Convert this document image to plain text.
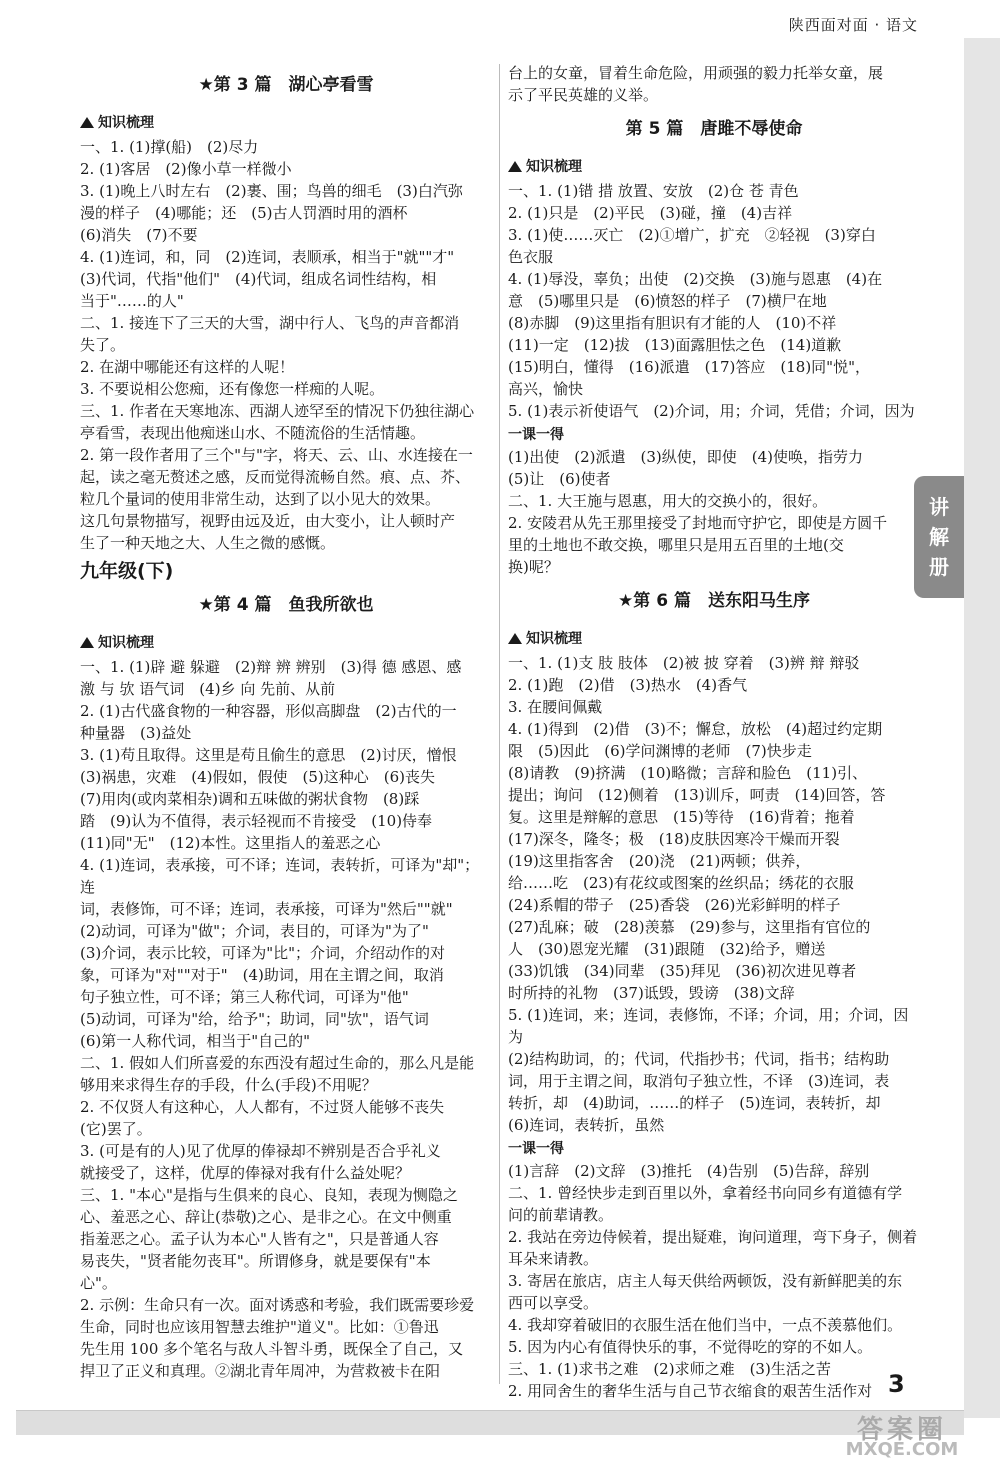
陕西面对面 · 语文
讲
解
册
★第 3 篇　湖心亭看雪
知识梳理
一、1. (1)撑(船)　(2)尽力
2. (1)客居　(2)像小草一样微小
3. (1)晚上八时左右　(2)裹、围；鸟兽的细毛　(3)白汽弥
漫的样子　(4)哪能；还　(5)古人罚酒时用的酒杯
(6)消失　(7)不要
4. (1)连词，和，同　(2)连词，表顺承，相当于"就""才"
(3)代词，代指"他们"　(4)代词，组成名词性结构，相
当于"……的人"
二、1. 接连下了三天的大雪，湖中行人、飞鸟的声音都消
失了。
2. 在湖中哪能还有这样的人呢！
3. 不要说相公您痴，还有像您一样痴的人呢。
三、1. 作者在天寒地冻、西湖人迹罕至的情况下仍独往湖心
亭看雪，表现出他痴迷山水、不随流俗的生活情趣。
2. 第一段作者用了三个"与"字，将天、云、山、水连接在一
起，读之毫无赘述之感，反而觉得流畅自然。痕、点、芥、
粒几个量词的使用非常生动，达到了以小见大的效果。
这几句景物描写，视野由远及近，由大变小，让人顿时产
生了一种天地之大、人生之微的感慨。
九年级(下)
★第 4 篇　鱼我所欲也
知识梳理
一、1. (1)辟 避 躲避　(2)辩 辨 辨别　(3)得 德 感恩、感
激 与 欤 语气词　(4)乡 向 先前、从前
2. (1)古代盛食物的一种容器，形似高脚盘　(2)古代的一
种量器　(3)益处
3. (1)苟且取得。这里是苟且偷生的意思　(2)讨厌，憎恨
(3)祸患，灾难　(4)假如，假使　(5)这种心　(6)丧失
(7)用肉(或肉菜相杂)调和五味做的粥状食物　(8)踩
踏　(9)认为不值得，表示轻视而不肯接受　(10)侍奉
(11)同"无"　(12)本性。这里指人的羞恶之心
4. (1)连词，表承接，可不译；连词，表转折，可译为"却"；连
词，表修饰，可不译；连词，表承接，可译为"然后""就"
(2)动词，可译为"做"；介词，表目的，可译为"为了"
(3)介词，表示比较，可译为"比"；介词，介绍动作的对
象，可译为"对""对于"　(4)助词，用在主谓之间，取消
句子独立性，可不译；第三人称代词，可译为"他"
(5)动词，可译为"给，给予"；助词，同"欤"，语气词
(6)第一人称代词，相当于"自己的"
二、1. 假如人们所喜爱的东西没有超过生命的，那么凡是能
够用来求得生存的手段，什么(手段)不用呢？
2. 不仅贤人有这种心，人人都有，不过贤人能够不丧失
(它)罢了。
3. (可是有的人)见了优厚的俸禄却不辨别是否合乎礼义
就接受了，这样，优厚的俸禄对我有什么益处呢？
三、1. "本心"是指与生俱来的良心、良知，表现为恻隐之
心、羞恶之心、辞让(恭敬)之心、是非之心。在文中侧重
指羞恶之心。孟子认为本心"人皆有之"，只是普通人容
易丧失，"贤者能勿丧耳"。所谓修身，就是要保有"本
心"。
2. 示例：生命只有一次。面对诱惑和考验，我们既需要珍爱
生命，同时也应该用智慧去维护"道义"。比如：①鲁迅
先生用 100 多个笔名与敌人斗智斗勇，既保全了自己，又
捍卫了正义和真理。②湖北青年周冲，为营救被卡在阳
台上的女童，冒着生命危险，用顽强的毅力托举女童，展
示了平民英雄的义举。
第 5 篇　唐雎不辱使命
知识梳理
一、1. (1)错 措 放置、安放　(2)仓 苍 青色
2. (1)只是　(2)平民　(3)碰，撞　(4)吉祥
3. (1)使……灭亡　(2)①增广，扩充　②轻视　(3)穿白
色衣服
4. (1)辱没，辜负；出使　(2)交换　(3)施与恩惠　(4)在
意　(5)哪里只是　(6)愤怒的样子　(7)横尸在地
(8)赤脚　(9)这里指有胆识有才能的人　(10)不祥
(11)一定　(12)拔　(13)面露胆怯之色　(14)道歉
(15)明白，懂得　(16)派遣　(17)答应　(18)同"悦"，
高兴，愉快
5. (1)表示祈使语气　(2)介词，用；介词，凭借；介词，因为
一课一得
(1)出使　(2)派遣　(3)纵使，即使　(4)使唤，指劳力
(5)让　(6)使者
二、1. 大王施与恩惠，用大的交换小的，很好。
2. 安陵君从先王那里接受了封地而守护它，即使是方圆千
里的土地也不敢交换，哪里只是用五百里的土地(交
换)呢？
★第 6 篇　送东阳马生序
知识梳理
一、1. (1)支 肢 肢体　(2)被 披 穿着　(3)辨 辩 辩驳
2. (1)跑　(2)借　(3)热水　(4)香气
3. 在腰间佩戴
4. (1)得到　(2)借　(3)不；懈怠，放松　(4)超过约定期
限　(5)因此　(6)学问渊博的老师　(7)快步走
(8)请教　(9)挤满　(10)略微；言辞和脸色　(11)引、
提出；询问　(12)侧着　(13)训斥，呵责　(14)回答，答
复。这里是辩解的意思　(15)等待　(16)背着；拖着
(17)深冬，隆冬；极　(18)皮肤因寒冷干燥而开裂
(19)这里指客舍　(20)浇　(21)两顿；供养，
给……吃　(23)有花纹或图案的丝织品；绣花的衣服
(24)系帽的带子　(25)香袋　(26)光彩鲜明的样子
(27)乱麻；破　(28)羡慕　(29)参与，这里指有官位的
人　(30)恩宠光耀　(31)跟随　(32)给予，赠送
(33)饥饿　(34)同辈　(35)拜见　(36)初次进见尊者
时所持的礼物　(37)诋毁，毁谤　(38)文辞
5. (1)连词，来；连词，表修饰，不译；介词，用；介词，因为
(2)结构助词，的；代词，代指抄书；代词，指书；结构助
词，用于主谓之间，取消句子独立性，不译　(3)连词，表
转折，却　(4)助词，……的样子　(5)连词，表转折，却
(6)连词，表转折，虽然
一课一得
(1)言辞　(2)文辞　(3)推托　(4)告别　(5)告辞，辞别
二、1. 曾经快步走到百里以外，拿着经书向同乡有道德有学
问的前辈请教。
2. 我站在旁边侍候着，提出疑难，询问道理，弯下身子，侧着
耳朵来请教。
3. 寄居在旅店，店主人每天供给两顿饭，没有新鲜肥美的东
西可以享受。
4. 我却穿着破旧的衣服生活在他们当中，一点不羡慕他们。
5. 因为内心有值得快乐的事，不觉得吃的穿的不如人。
三、1. (1)求书之难　(2)求师之难　(3)生活之苦
2. 用同舍生的奢华生活与自己节衣缩食的艰苦生活作对 3
答案圈
MXQE.COM
